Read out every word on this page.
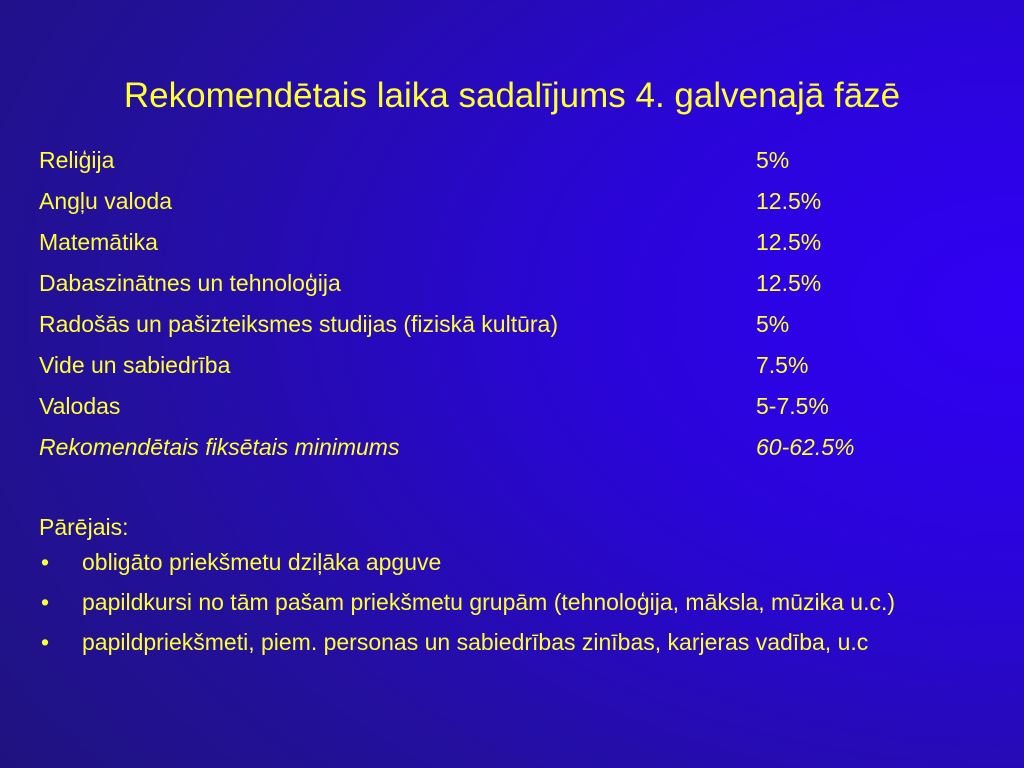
Rekomendētais laika sadalījums 4. galvenajā fāzē
Reliģija	5%
Angļu valoda	12.5%
Matemātika	12.5%
Dabaszinātnes un tehnoloģija	12.5%
Radošās un pašizteiksmes studijas (fiziskā kultūra)	5%
Vide un sabiedrība	7.5%
Valodas	5-7.5%
Rekomendētais fiksētais minimums	60-62.5%
Pārējais:
• obligāto priekšmetu dziļāka apguve
• papildkursi no tām pašam priekšmetu grupām (tehnoloģija, māksla, mūzika u.c.)
• papildpriekšmeti, piem. personas un sabiedrības zinības, karjeras vadība, u.c
